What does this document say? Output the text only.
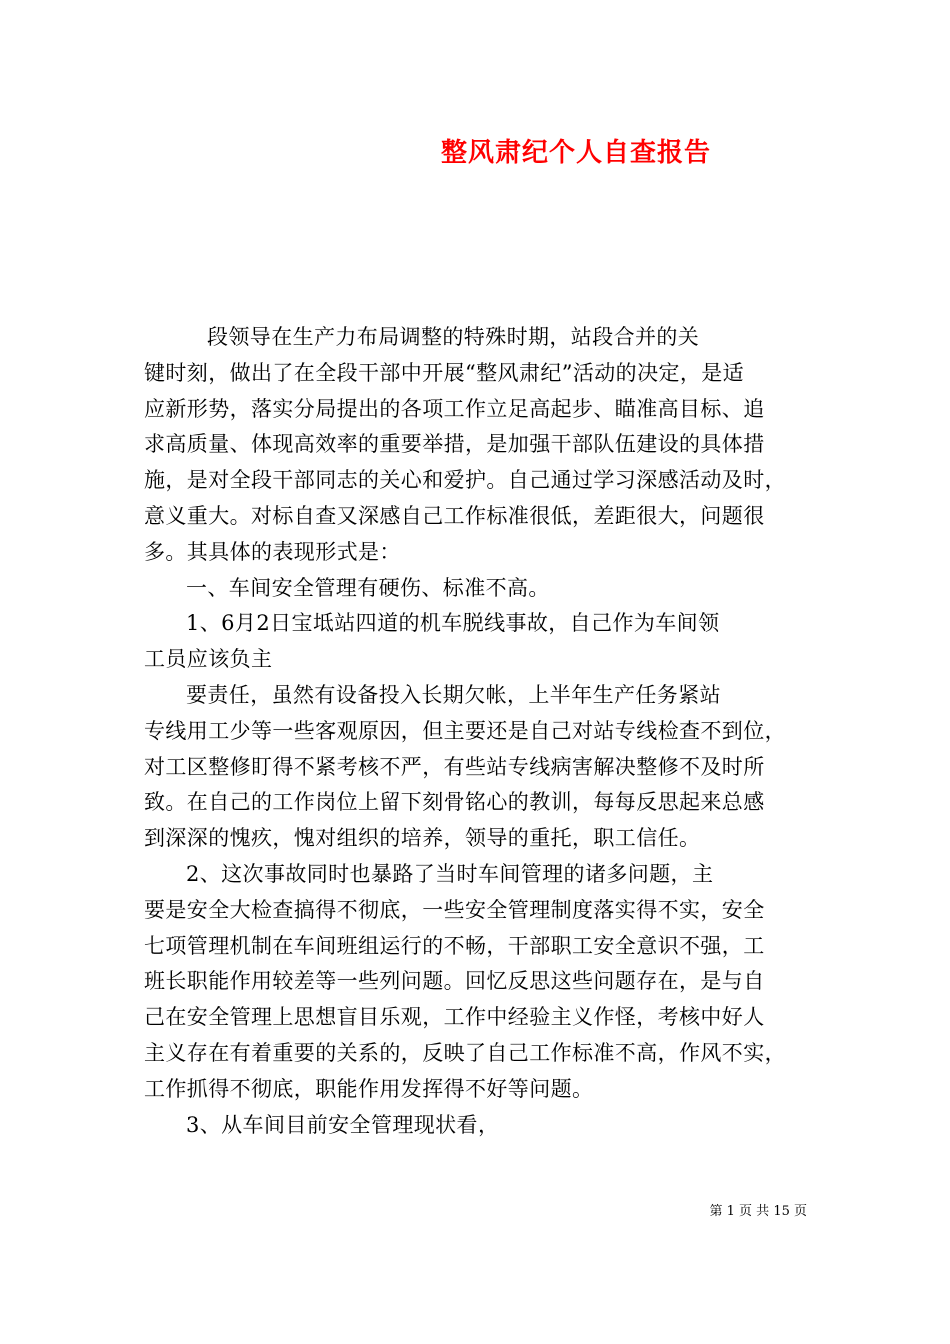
整风肃纪个人自查报告

段领导在生产力布局调整的特殊时期，站段合并的关

键时刻，做出了在全段干部中开展“整风肃纪”活动的决定，是适

应新形势，落实分局提出的各项工作立足高起步、瞄准高目标、追

求高质量、体现高效率的重要举措，是加强干部队伍建设的具体措

施，是对全段干部同志的关心和爱护。自己通过学习深感活动及时，

意义重大。对标自查又深感自己工作标准很低，差距很大，问题很

多。其具体的表现形式是：

一、车间安全管理有硬伤、标准不高。

1、6月2日宝坻站四道的机车脱线事故，自己作为车间领

工员应该负主

要责任，虽然有设备投入长期欠帐，上半年生产任务紧站

专线用工少等一些客观原因，但主要还是自己对站专线检查不到位，

对工区整修盯得不紧考核不严，有些站专线病害解决整修不及时所

致。在自己的工作岗位上留下刻骨铭心的教训，每每反思起来总感

到深深的愧疚，愧对组织的培养，领导的重托，职工信任。

2、这次事故同时也暴路了当时车间管理的诸多问题，主

要是安全大检查搞得不彻底，一些安全管理制度落实得不实，安全

七项管理机制在车间班组运行的不畅，干部职工安全意识不强，工

班长职能作用较差等一些列问题。回忆反思这些问题存在，是与自

己在安全管理上思想盲目乐观，工作中经验主义作怪，考核中好人

主义存在有着重要的关系的，反映了自己工作标准不高，作风不实，

工作抓得不彻底，职能作用发挥得不好等问题。

3、从车间目前安全管理现状看，

第 1 页 共 15 页
